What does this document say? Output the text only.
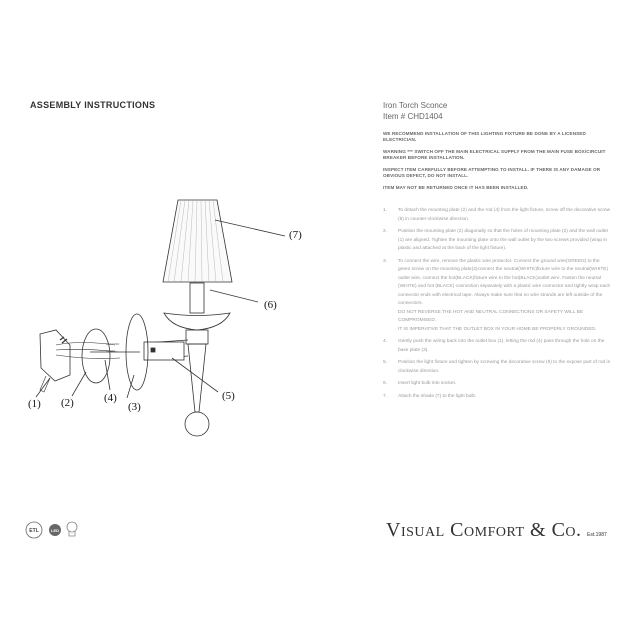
ASSEMBLY INSTRUCTIONS	Iron Torch Sconce
Item # CHD1404
WE RECOMMEND INSTALLATION OF THIS LIGHTING FIXTURE BE DONE BY A LICENSED ELECTRICIAN.
WARNING *** SWITCH OFF THE MAIN ELECTRICAL SUPPLY FROM THE MAIN FUSE BOX/CIRCUIT BREAKER BEFORE INSTALLATION.
INSPECT ITEM CAREFULLY BEFORE ATTEMPTING TO INSTALL. IF THERE IS ANY DAMAGE OR OBVIOUS DEFECT, DO NOT INSTALL.
ITEM MAY NOT BE RETURNED ONCE IT HAS BEEN INSTALLED.
1. To detach the mounting plate (2) and the rod (4) from the light fixture, screw off the decorative screw (5) in counter-clockwise direction.
2. Position the mounting plate (2) diagonally so that the holes of mounting plate (2) and the wall outlet (1) are aligned. Tighten the mounting plate onto the wall outlet by the two screws provided (wrap in plastic and attached at the back of the light fixture).
3. To connect the wire, remove the plastic wire protector. Connect the ground wire(GREEN) to the green screw on the mounting plate(2)connect the neutral(WHITE)fixture wire to the neutral(WHITE) outlet wire, connect the hot(BLACK)fixture wire to the hot(BLACK)outlet wire. Fasten the neutral (WHITE) and hot (BLACK) connection separately with a plastic wire connector and tightly wrap each connector ends with electrical tape. Always make sure that no wire strands are left outside of the connectors.
DO NOT REVERSE THE HOT AND NEUTRAL CONNECTIONS OR SAFETY WILL BE COMPROMISED.
IT IS IMPERATIVE THAT THE OUTLET BOX IN YOUR HOME BE PROPERLY GROUNDED.
4. Gently push the wiring back into the outlet box (1), letting the rod (4) pass through the hole on the base plate (3).
5. Position the light fixture and tighten by screwing the decorative screw (5) to the expose part of rod in clockwise direction.
6. Insert light bulb into socket.
7. Attach the shade (7) to the light bulb.
GROUND
WHITE
(7)
(6)
(5)
(4)
(3)
(2)
(1)
ETL	LED	Visual Comfort & Co. Est.1987
